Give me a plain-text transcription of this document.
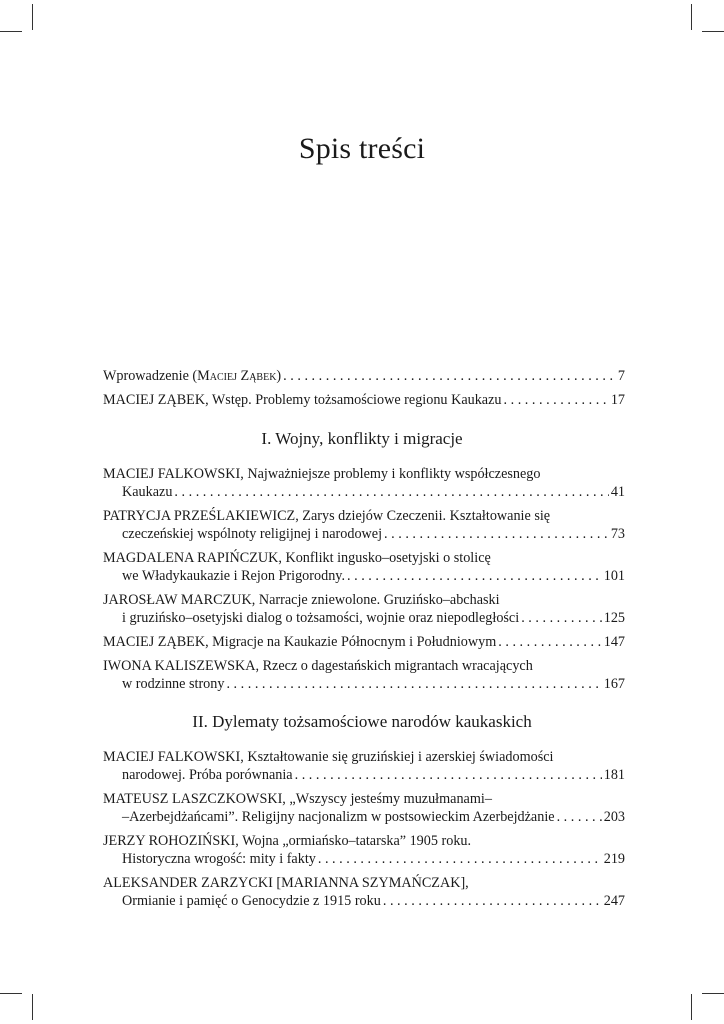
Spis treści
Wprowadzenie (Maciej Ząbek) . . .	7
MACIEJ ZĄBEK, Wstęp. Problemy tożsamościowe regionu Kaukazu . . .	17
I. Wojny, konflikty i migracje
MACIEJ FALKOWSKI, Najważniejsze problemy i konflikty współczesnego
Kaukazu . . .	41
PATRYCJA PRZEŚLAKIEWICZ, Zarys dziejów Czeczenii. Kształtowanie się
czeczeńskiej wspólnoty religijnej i narodowej . . .	73
MAGDALENA RAPIŃCZUK, Konflikt ingusko–osetyjski o stolicę
we Władykaukazie i Rejon Prigorodny. . . .	101
JAROSŁAW MARCZUK, Narracje zniewolone. Gruzińsko–abchaski
i gruzińsko–osetyjski dialog o tożsamości, wojnie oraz niepodległości . . .	125
MACIEJ ZĄBEK, Migracje na Kaukazie Północnym i Południowym . . .	147
IWONA KALISZEWSKA, Rzecz o dagestańskich migrantach wracających
w rodzinne strony . . .	167
II. Dylematy tożsamościowe narodów kaukaskich
MACIEJ FALKOWSKI, Kształtowanie się gruzińskiej i azerskiej świadomości
narodowej. Próba porównania . . .	181
MATEUSZ LASZCZKOWSKI, „Wszyscy jesteśmy muzułmanami–
–Azerbejdżańcami”. Religijny nacjonalizm w postsowieckim Azerbejdżanie . . .	203
JERZY ROHOZIŃSKI, Wojna „ormiańsko–tatarska” 1905 roku.
Historyczna wrogość: mity i fakty . . .	219
ALEKSANDER ZARZYCKI [MARIANNA SZYMAŃCZAK],
Ormianie i pamięć o Genocydzie z 1915 roku . . .	247
